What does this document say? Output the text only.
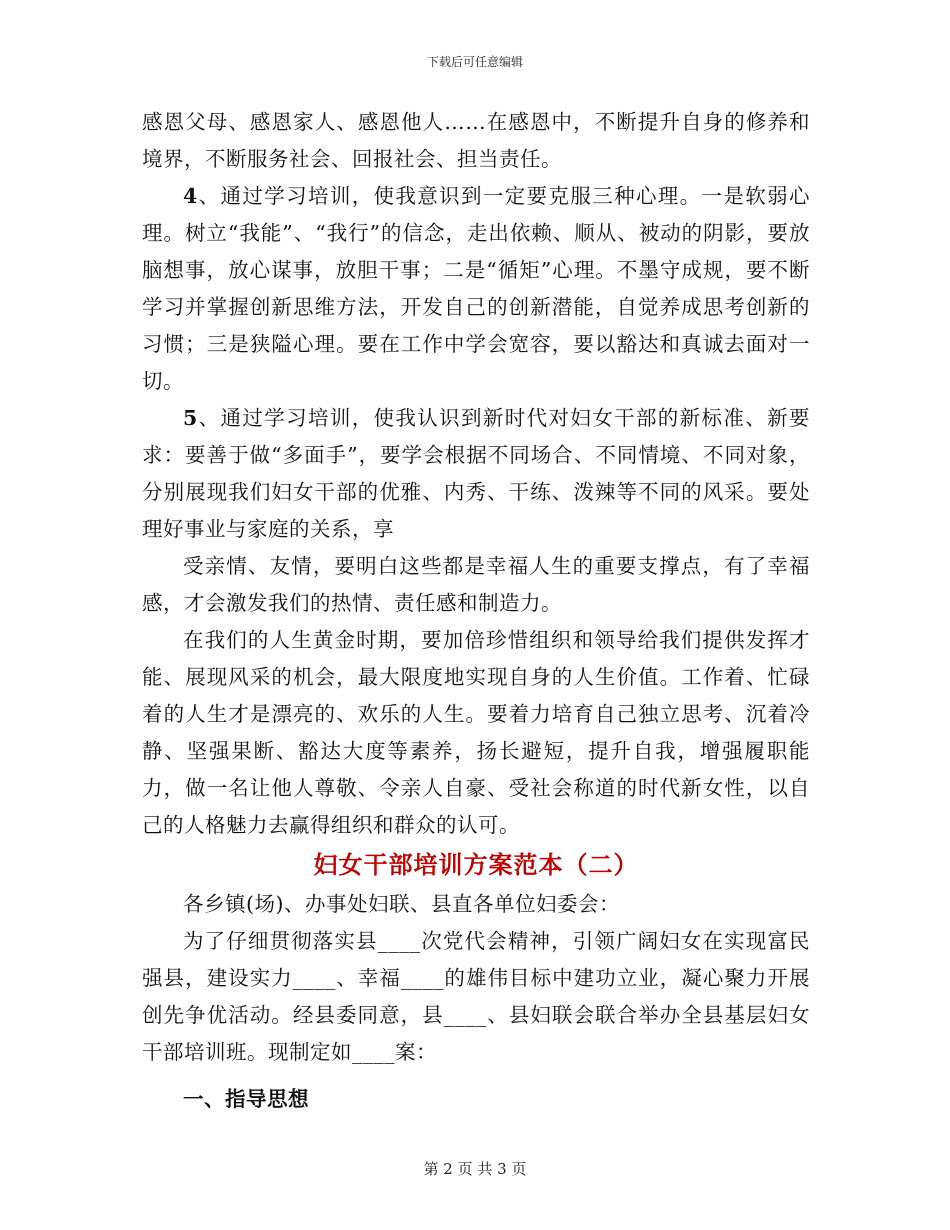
下载后可任意编辑

感恩父母、感恩家人、感恩他人……在感恩中，不断提升自身的修养和境界，不断服务社会、回报社会、担当责任。

4、通过学习培训，使我意识到一定要克服三种心理。一是软弱心理。树立“我能”、“我行”的信念，走出依赖、顺从、被动的阴影，要放脑想事，放心谋事，放胆干事；二是“循矩”心理。不墨守成规，要不断学习并掌握创新思维方法，开发自己的创新潜能，自觉养成思考创新的习惯；三是狭隘心理。要在工作中学会宽容，要以豁达和真诚去面对一切。

5、通过学习培训，使我认识到新时代对妇女干部的新标准、新要求：要善于做“多面手”，要学会根据不同场合、不同情境、不同对象，分别展现我们妇女干部的优雅、内秀、干练、泼辣等不同的风采。要处理好事业与家庭的关系，享

受亲情、友情，要明白这些都是幸福人生的重要支撑点，有了幸福感，才会激发我们的热情、责任感和制造力。

在我们的人生黄金时期，要加倍珍惜组织和领导给我们提供发挥才能、展现风采的机会，最大限度地实现自身的人生价值。工作着、忙碌着的人生才是漂亮的、欢乐的人生。要着力培育自己独立思考、沉着冷静、坚强果断、豁达大度等素养，扬长避短，提升自我，增强履职能力，做一名让他人尊敬、令亲人自豪、受社会称道的时代新女性，以自己的人格魅力去赢得组织和群众的认可。

妇女干部培训方案范本（二）

各乡镇(场)、办事处妇联、县直各单位妇委会：

为了仔细贯彻落实县____次党代会精神，引领广阔妇女在实现富民强县，建设实力____、幸福____的雄伟目标中建功立业，凝心聚力开展创先争优活动。经县委同意，县____、县妇联会联合举办全县基层妇女干部培训班。现制定如____案：

一、指导思想

第 2 页 共 3 页
